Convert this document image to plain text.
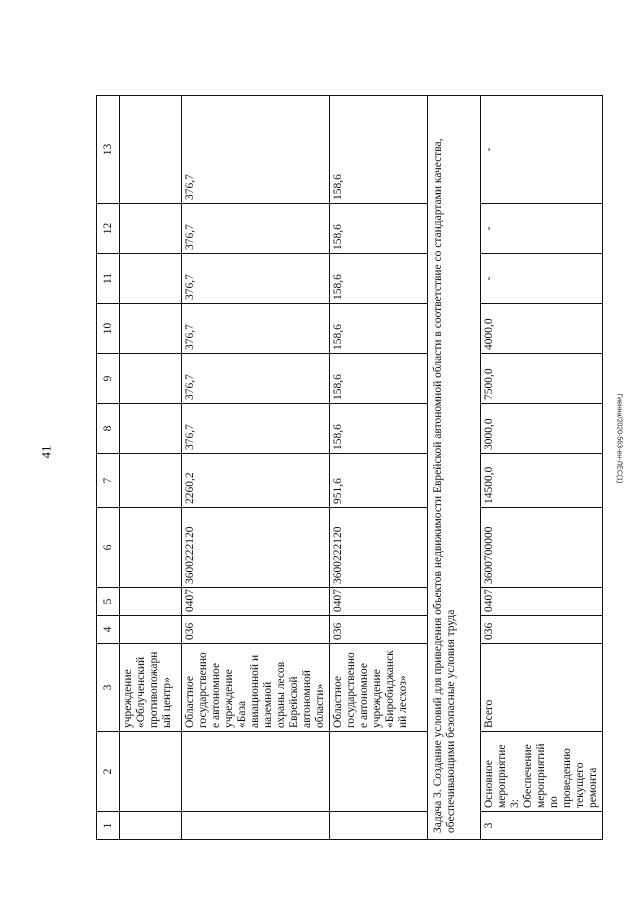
41	Гиенна/2020-563-ен-ЛЕС(1)
1	2	3	4	5	6	7	8	9	10	11	12	13
		учреждение «Облученский противопожарный центр»										
		Областное государственное автономное учреждение «База авиационной и наземной охраны лесов Еврейской автономной области»	036	0407	3600222120	2260,2	376,7	376,7	376,7	376,7	376,7	376,7
		Областное государственное автономное учреждение «Биробиджанский лесхоз»	036	0407	3600222120	951,6	158,6	158,6	158,6	158,6	158,6	158,6
Задача 3. Создание условий для приведения объектов недвижимости Еврейской автономной области в соответствие со стандартами качества, обеспечивающими безопасные условия труда												
3	Основное мероприятие 3: Обеспечение мероприятий по проведению текущего ремонта	Всего	036	0407	3600700000	14500,0	3000,0	7500,0	4000,0	-	-	-
